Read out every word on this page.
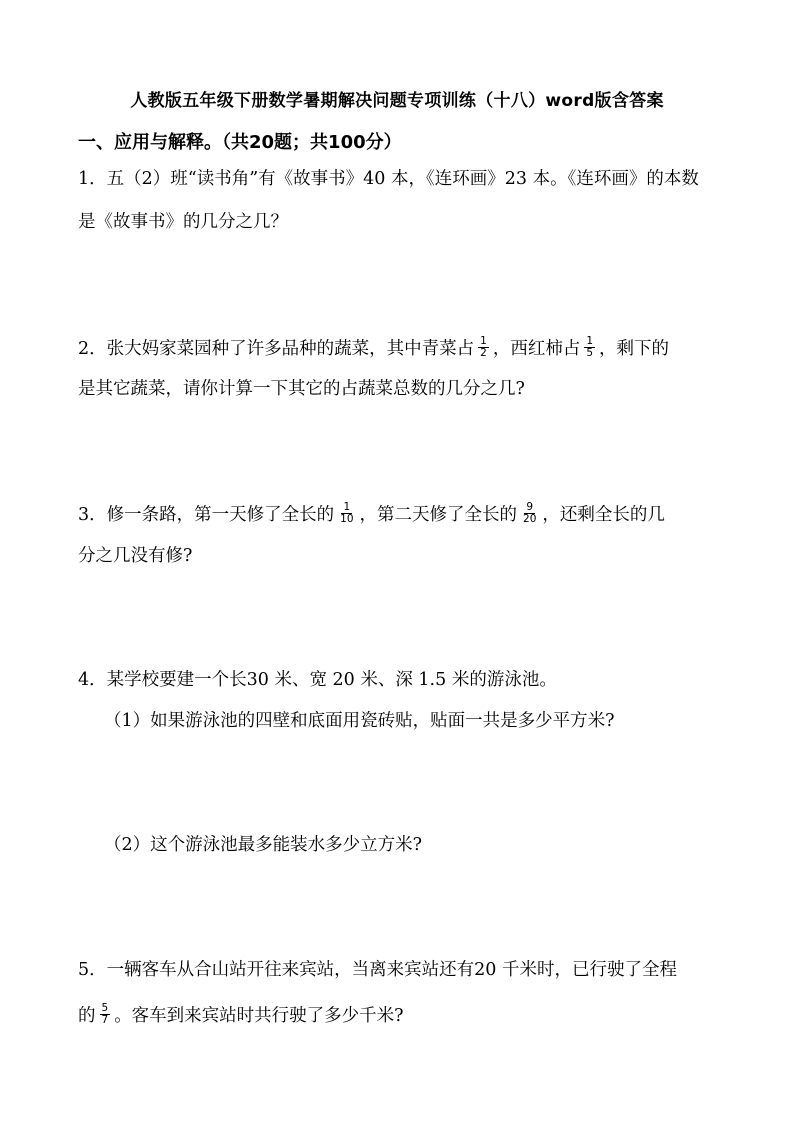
人教版五年级下册数学暑期解决问题专项训练（十八）word版含答案
一、应用与解释。（共20题；共100分）
1．五（2）班“读书角”有《故事书》40 本，《连环画》23 本。《连环画》的本数
是《故事书》的几分之几？
2．张大妈家菜园种了许多品种的蔬菜，其中青菜占 $\frac{1}{2}$ ，西红柿占 $\frac{1}{5}$ ，剩下的
是其它蔬菜，请你计算一下其它的占蔬菜总数的几分之几?
3．修一条路，第一天修了全长的 $\frac{1}{10}$ ，第二天修了全长的 $\frac{9}{20}$ ，还剩全长的几
分之几没有修?
4．某学校要建一个长30 米、宽 20 米、深 1.5 米的游泳池。
（1）如果游泳池的四壁和底面用瓷砖贴，贴面一共是多少平方米?
（2）这个游泳池最多能装水多少立方米?
5．一辆客车从合山站开往来宾站，当离来宾站还有20 千米时，已行驶了全程
的 $\frac{5}{7}$ 。客车到来宾站时共行驶了多少千米?
